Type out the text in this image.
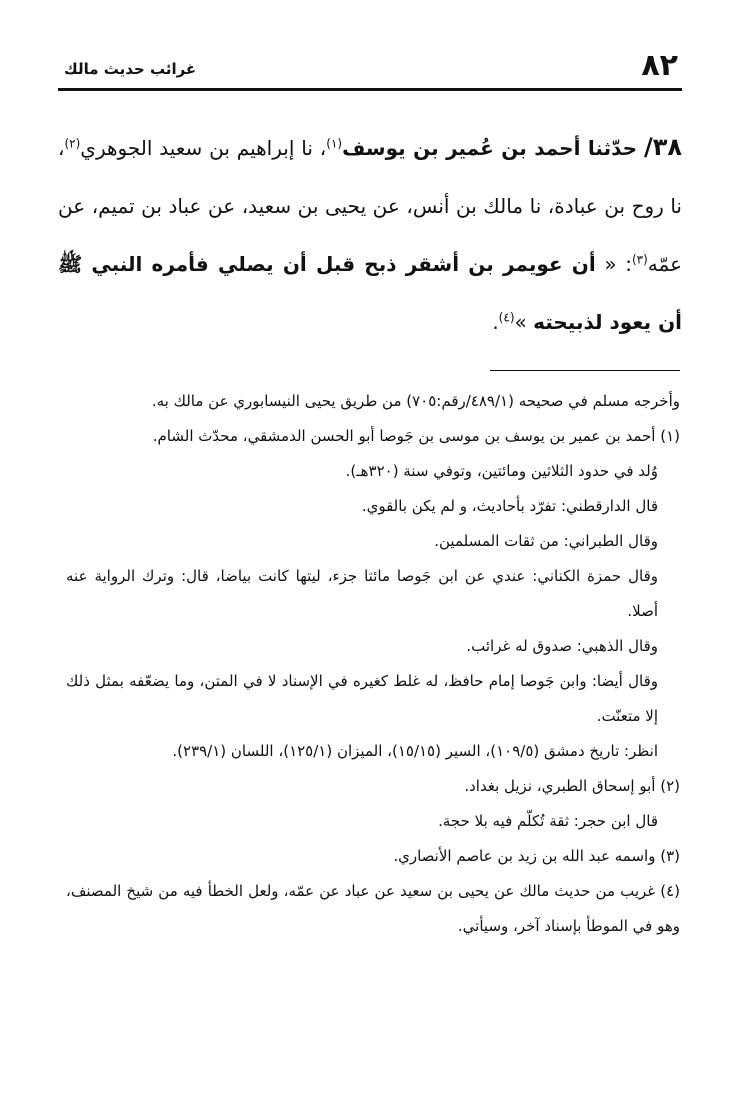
٨٢
غرائب حديث مالك
٣٨/ حدّثنا أحمد بن عُمير بن يوسف$^{(١)}$، نا إبراهيم بن سعيد الجوهري$^{(٢)}$، نا روح بن عبادة، نا مالك بن أنس، عن يحيى بن سعيد، عن عباد بن تميم، عن عمّه$^{(٣)}$: « أن عويمر بن أشقر ذبح قبل أن يصلي فأمره النبي ﷺ أن يعود لذبيحته »$^{(٤)}$.

وأخرجه مسلم في صحيحه (٤٨٩/١/رقم:٧٠٥) من طريق يحيى النيسابوري عن مالك به.

(١) أحمد بن عمير بن يوسف بن موسى بن جَوصا أبو الحسن الدمشقي، محدّث الشام.

وُلد في حدود الثلاثين ومائتين، وتوفي سنة (٣٢٠هـ).

قال الدارقطني: تفرّد بأحاديث، و لم يكن بالقوي.

وقال الطبراني: من ثقات المسلمين.

وقال حمزة الكناني: عندي عن ابن جَوصا مائتا جزء، ليتها كانت بياضا، قال: وترك الرواية عنه أصلا.

وقال الذهبي: صدوق له غرائب.

وقال أيضا: وابن جَوصا إمام حافظ، له غلط كغيره في الإسناد لا في المتن، وما يضعّفه بمثل ذلك إلا متعنّت.

انظر: تاريخ دمشق (١٠٩/٥)، السير (١٥/١٥)، الميزان (١٢٥/١)، اللسان (٢٣٩/١).

(٢) أبو إسحاق الطبري، نزيل بغداد.

قال ابن حجر: ثقة تُكلّم فيه بلا حجة.

(٣) واسمه عبد الله بن زيد بن عاصم الأنصاري.

(٤) غريب من حديث مالك عن يحيى بن سعيد عن عباد عن عمّه، ولعل الخطأ فيه من شيخ المصنف، وهو في الموطأ بإسناد آخر، وسيأتي.
